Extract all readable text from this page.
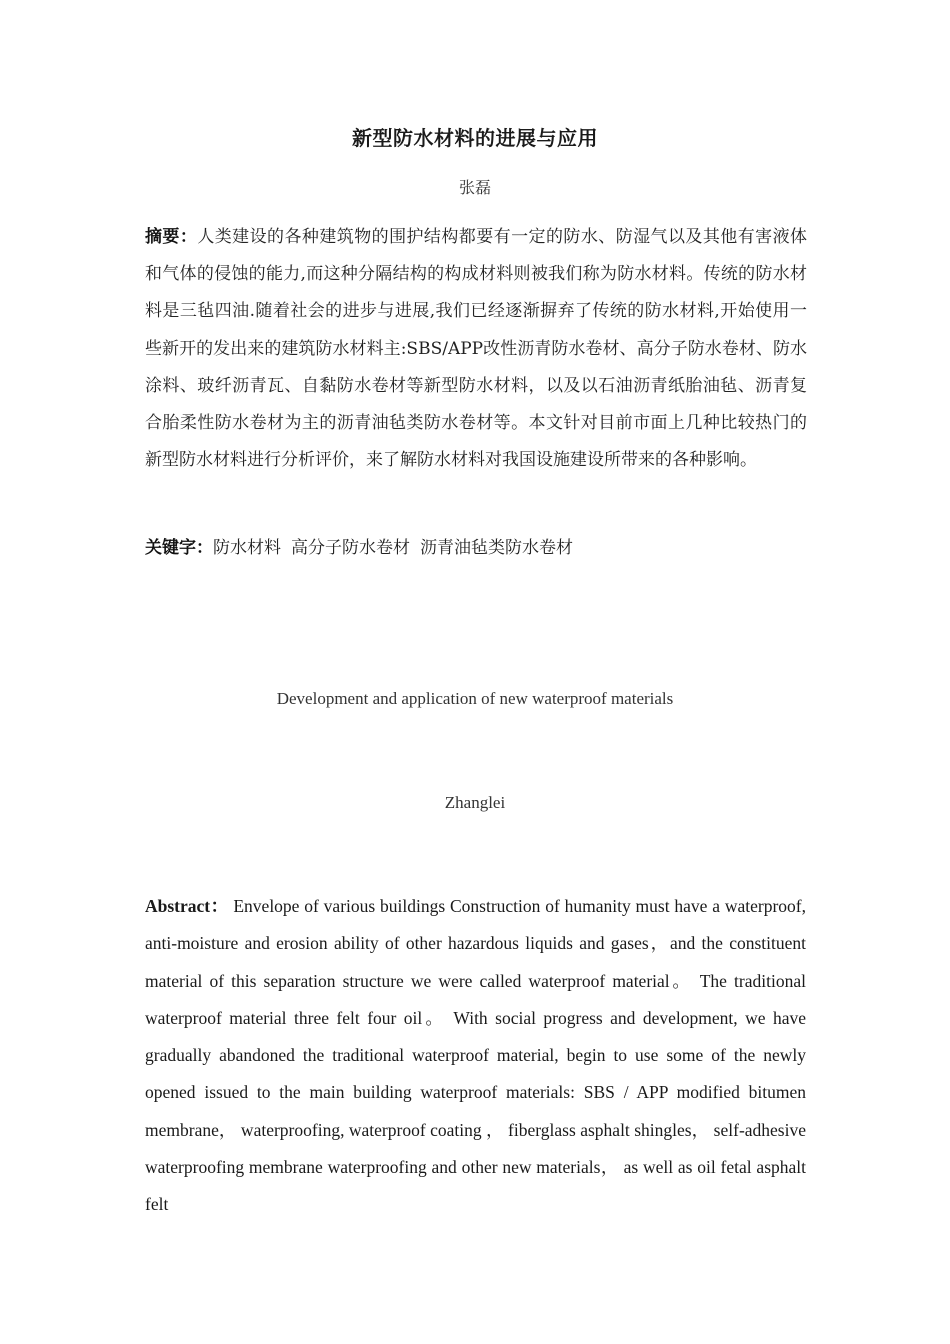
新型防水材料的进展与应用
张磊

摘要：人类建设的各种建筑物的围护结构都要有一定的防水、防湿气以及其他有害液体和气体的侵蚀的能力,而这种分隔结构的构成材料则被我们称为防水材料。传统的防水材料是三毡四油.随着社会的进步与进展,我们已经逐渐摒弃了传统的防水材料,开始使用一些新开的发出来的建筑防水材料主:SBS/APP改性沥青防水卷材、高分子防水卷材、防水涂料、玻纤沥青瓦、自黏防水卷材等新型防水材料，以及以石油沥青纸胎油毡、沥青复合胎柔性防水卷材为主的沥青油毡类防水卷材等。本文针对目前市面上几种比较热门的新型防水材料进行分析评价，来了解防水材料对我国设施建设所带来的各种影响。

关键字：防水材料 高分子防水卷材 沥青油毡类防水卷材

Development and application of new waterproof materials
Zhanglei

Abstract： Envelope of various buildings Construction of humanity must have a waterproof, anti-moisture and erosion ability of other hazardous liquids and gases，and the constituent material of this separation structure we were called waterproof material。 The traditional waterproof material three felt four oil。 With social progress and development, we have gradually abandoned the traditional waterproof material, begin to use some of the newly opened issued to the main building waterproof materials: SBS / APP modified bitumen membrane， waterproofing, waterproof coating ， fiberglass asphalt shingles， self-adhesive waterproofing membrane waterproofing and other new materials， as well as oil fetal asphalt felt
